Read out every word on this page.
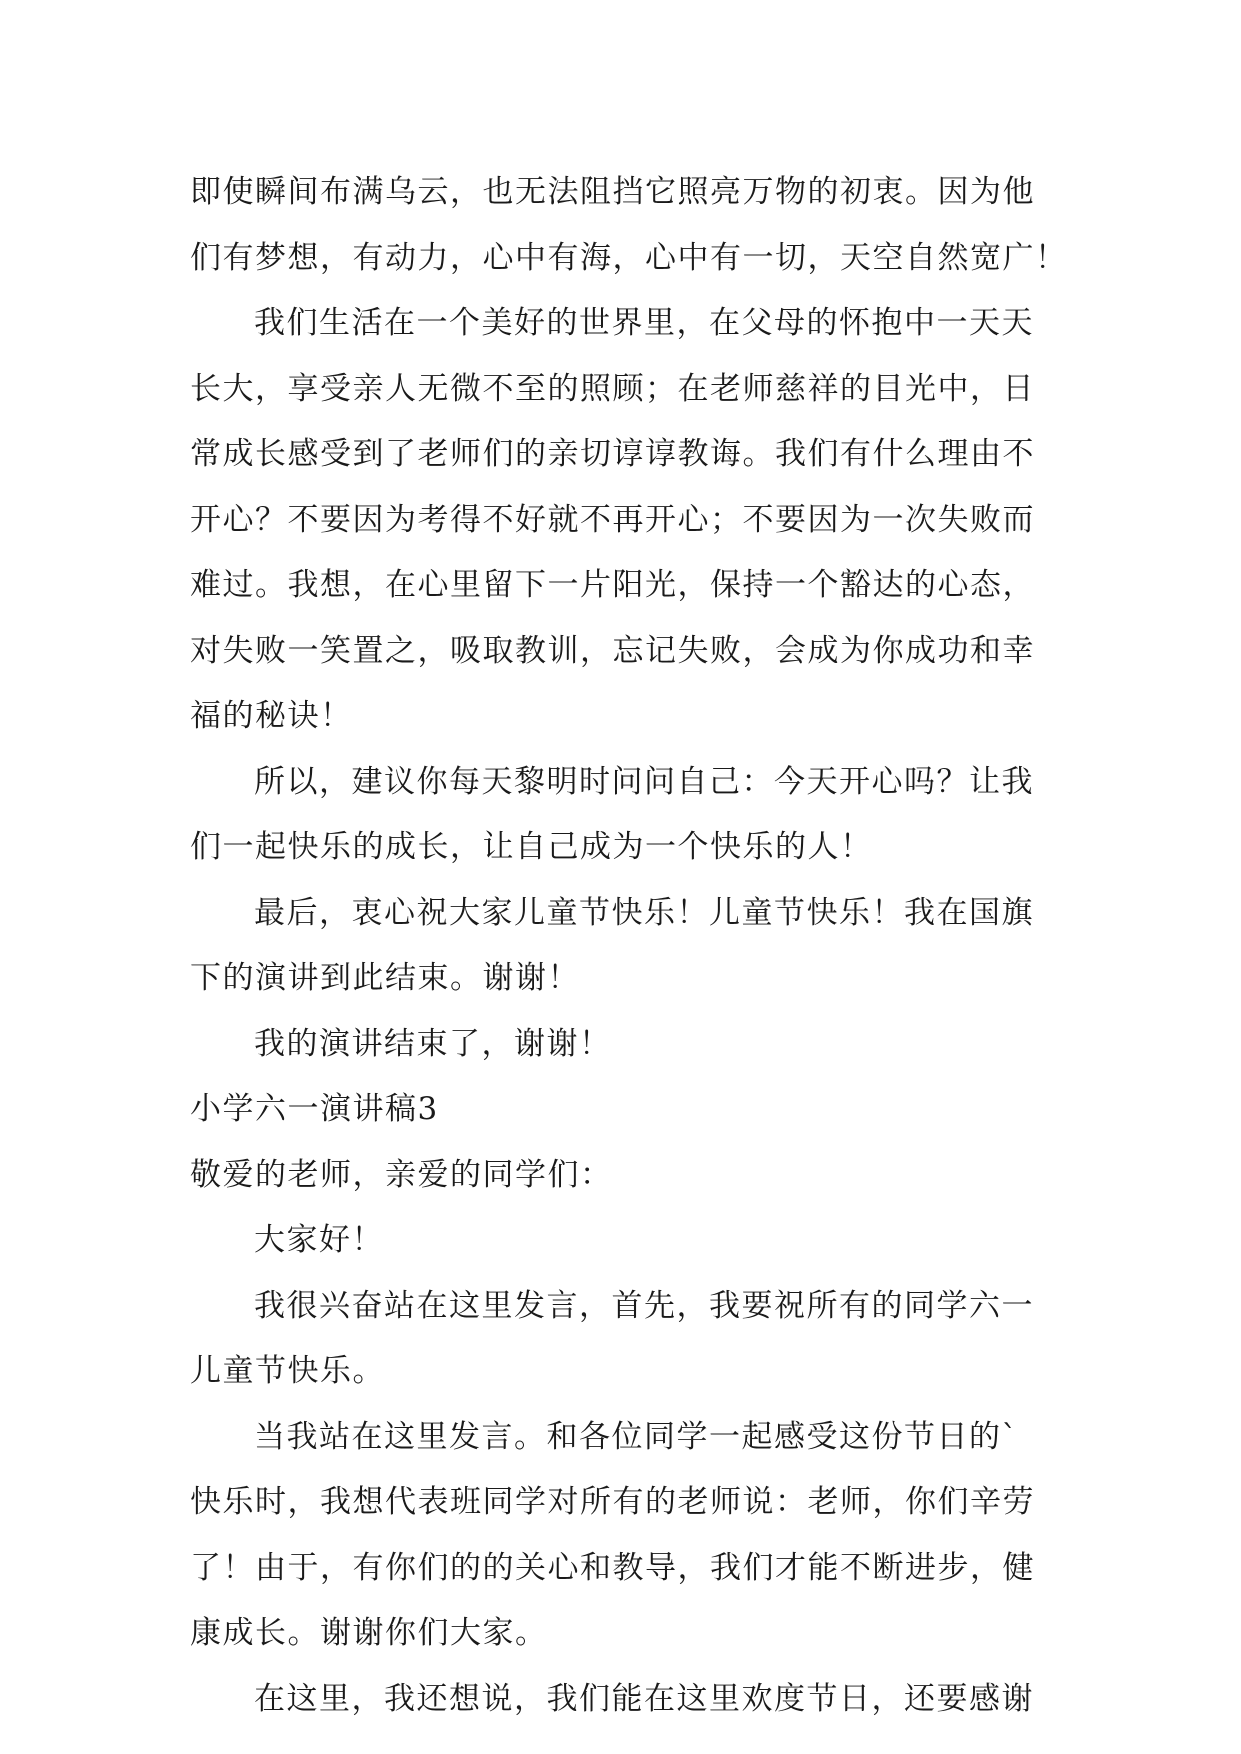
即使瞬间布满乌云，也无法阻挡它照亮万物的初衷。因为他
们有梦想，有动力，心中有海，心中有一切，天空自然宽广！
我们生活在一个美好的世界里，在父母的怀抱中一天天
长大，享受亲人无微不至的照顾；在老师慈祥的目光中，日
常成长感受到了老师们的亲切谆谆教诲。我们有什么理由不
开心？不要因为考得不好就不再开心；不要因为一次失败而
难过。我想，在心里留下一片阳光，保持一个豁达的心态，
对失败一笑置之，吸取教训，忘记失败，会成为你成功和幸
福的秘诀！
所以，建议你每天黎明时问问自己：今天开心吗？让我
们一起快乐的成长，让自己成为一个快乐的人！
最后，衷心祝大家儿童节快乐！儿童节快乐！我在国旗
下的演讲到此结束。谢谢！
我的演讲结束了，谢谢！
小学六一演讲稿3
敬爱的老师，亲爱的同学们：
大家好！
我很兴奋站在这里发言，首先，我要祝所有的同学六一
儿童节快乐。
当我站在这里发言。和各位同学一起感受这份节日的`
快乐时，我想代表班同学对所有的老师说：老师，你们辛劳
了！由于，有你们的的关心和教导，我们才能不断进步，健
康成长。谢谢你们大家。
在这里，我还想说，我们能在这里欢度节日，还要感谢
